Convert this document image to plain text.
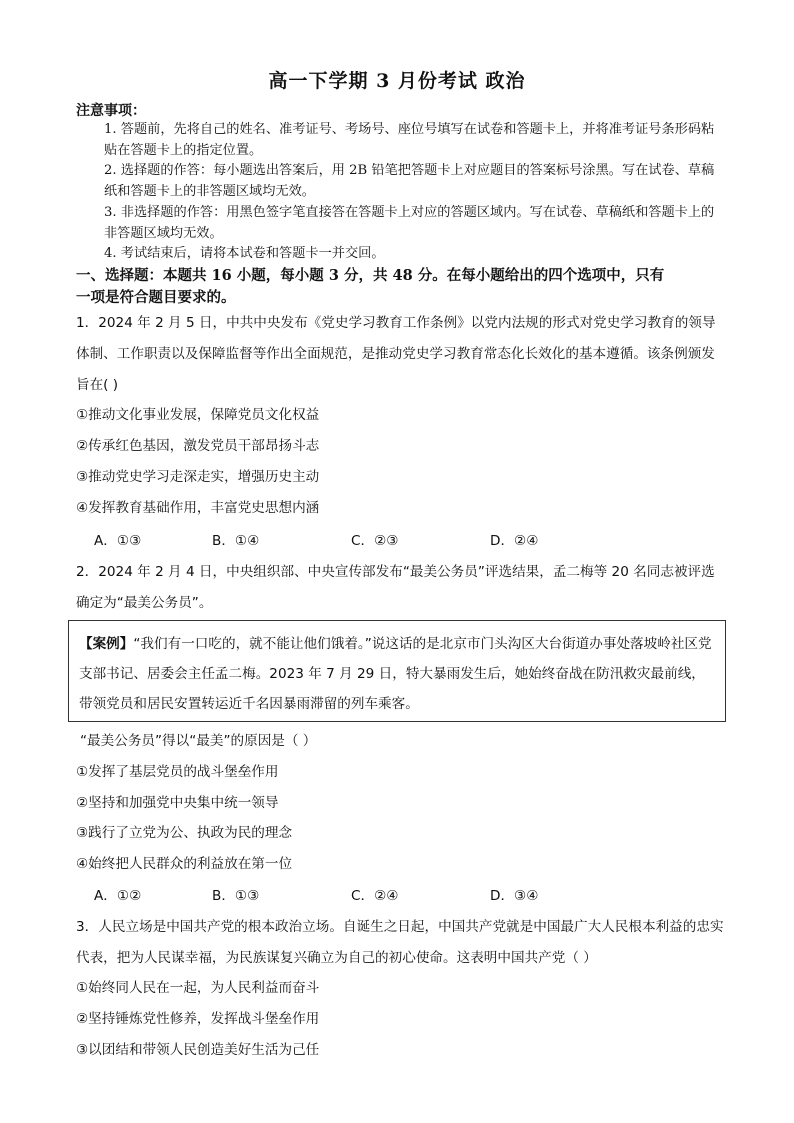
高一下学期 3 月份考试 政治
注意事项：
1. 答题前，先将自己的姓名、准考证号、考场号、座位号填写在试卷和答题卡上，并将准考证号条形码粘贴在答题卡上的指定位置。
2. 选择题的作答：每小题选出答案后，用 2B 铅笔把答题卡上对应题目的答案标号涂黑。写在试卷、草稿纸和答题卡上的非答题区域均无效。
3. 非选择题的作答：用黑色签字笔直接答在答题卡上对应的答题区域内。写在试卷、草稿纸和答题卡上的非答题区域均无效。
4. 考试结束后，请将本试卷和答题卡一并交回。
一、选择题：本题共 16 小题，每小题 3 分，共 48 分。在每小题给出的四个选项中，只有
一项是符合题目要求的。
1．2024 年 2 月 5 日，中共中央发布《党史学习教育工作条例》以党内法规的形式对党史学习教育的领导体制、工作职责以及保障监督等作出全面规范，是推动党史学习教育常态化长效化的基本遵循。该条例颁发旨在( )
①推动文化事业发展，保障党员文化权益
②传承红色基因，激发党员干部昂扬斗志
③推动党史学习走深走实，增强历史主动
④发挥教育基础作用，丰富党史思想内涵
A．①③	B．①④	C．②③	D．②④
2．2024 年 2 月 4 日，中央组织部、中央宣传部发布“最美公务员”评选结果，孟二梅等 20 名同志被评选确定为“最美公务员”。
【案例】“我们有一口吃的，就不能让他们饿着。”说这话的是北京市门头沟区大台街道办事处落坡岭社区党支部书记、居委会主任孟二梅。2023 年 7 月 29 日，特大暴雨发生后，她始终奋战在防汛救灾最前线，带领党员和居民安置转运近千名因暴雨滞留的列车乘客。
“最美公务员”得以“最美”的原因是（ ）
①发挥了基层党员的战斗堡垒作用
②坚持和加强党中央集中统一领导
③践行了立党为公、执政为民的理念
④始终把人民群众的利益放在第一位
A．①②	B．①③	C．②④	D．③④
3．人民立场是中国共产党的根本政治立场。自诞生之日起，中国共产党就是中国最广大人民根本利益的忠实代表，把为人民谋幸福，为民族谋复兴确立为自己的初心使命。这表明中国共产党（ ）
①始终同人民在一起，为人民利益而奋斗
②坚持锤炼党性修养，发挥战斗堡垒作用
③以团结和带领人民创造美好生活为己任
